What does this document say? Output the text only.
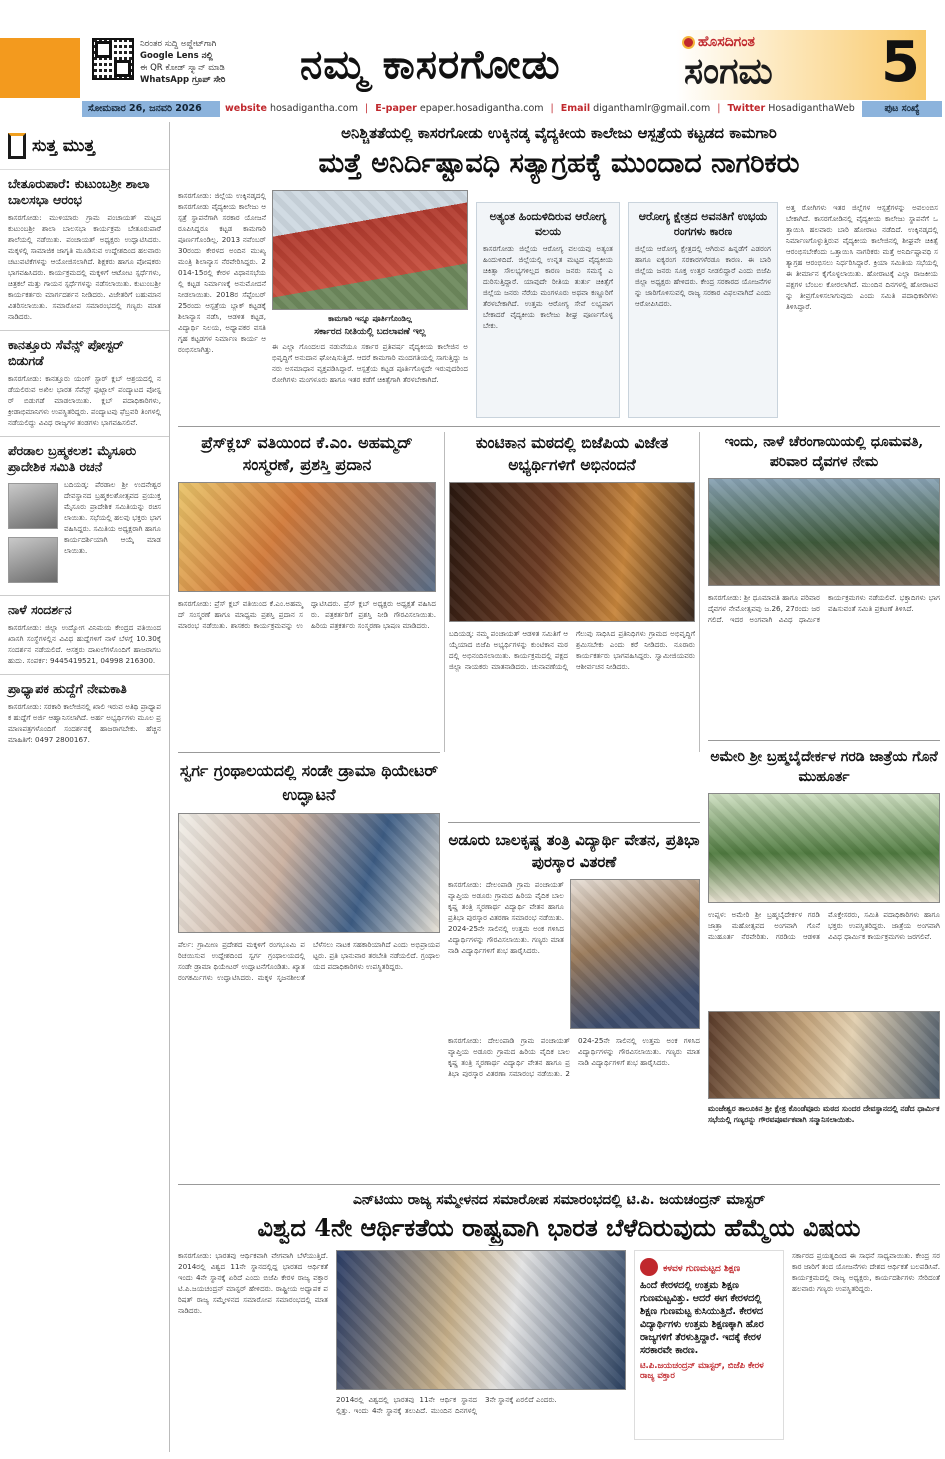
ನಿರಂತರ ಸುದ್ದಿ ಅಪ್ಡೇಟ್‌ಗಾಗಿ
Google Lens ನಲ್ಲಿ
ಈ QR ಕೋಡ್ ಸ್ಕ್ಯಾನ್ ಮಾಡಿ
WhatsApp ಗ್ರೂಪ್ ಸೇರಿ	ನಮ್ಮ ಕಾಸರಗೋಡು	ಹೊಸದಿಗಂತ
ಸಂಗಮ 5
ಸೋಮವಾರ 26, ಜನವರಿ 2026	website hosadigantha.com | E-paper epaper.hosadigantha.com | Email diganthamlr@gmail.com | Twitter HosadiganthaWeb	ಪುಟ ಸಂಖ್ಯೆ
ಸುತ್ತ ಮುತ್ತ
ಬೇತೂರುಪಾರೆ: ಕುಟುಂಬಶ್ರೀ ಶಾಲಾ ಬಾಲಸಭಾ ಆರಂಭ

ಕಾಸರಗೋಡು: ಮುಳಿಯಾರು ಗ್ರಾಮ ಪಂಚಾಯತ್ ಮಟ್ಟದ ಕುಟುಂಬಶ್ರೀ ಶಾಲಾ ಬಾಲಸಭಾ ಕಾರ್ಯಕ್ರಮ ಬೇತೂರುಪಾರೆ ಶಾಲೆಯಲ್ಲಿ ನಡೆಯಿತು. ಪಂಚಾಯತ್ ಅಧ್ಯಕ್ಷರು ಉದ್ಘಾಟಿಸಿದರು. ಮಕ್ಕಳಲ್ಲಿ ಸಾಮಾಜಿಕ ಜಾಗೃತಿ ಮೂಡಿಸುವ ಉದ್ದೇಶದಿಂದ ಹಲವಾರು ಚಟುವಟಿಕೆಗಳನ್ನು ಆಯೋಜಿಸಲಾಗಿದೆ. ಶಿಕ್ಷಕರು ಹಾಗೂ ಪೋಷಕರು ಭಾಗವಹಿಸಿದರು. ಕಾರ್ಯಕ್ರಮದಲ್ಲಿ ಮಕ್ಕಳಿಗೆ ಆಟೋಟ ಸ್ಪರ್ಧೆಗಳು, ಚಿತ್ರಕಲೆ ಮತ್ತು ಗಾಯನ ಸ್ಪರ್ಧೆಗಳನ್ನು ನಡೆಸಲಾಯಿತು. ಕುಟುಂಬಶ್ರೀ ಕಾರ್ಯಕರ್ತರು ಮಾರ್ಗದರ್ಶನ ನೀಡಿದರು. ವಿಜೇತರಿಗೆ ಬಹುಮಾನ ವಿತರಿಸಲಾಯಿತು. ಸಮಾರೋಪ ಸಮಾರಂಭದಲ್ಲಿ ಗಣ್ಯರು ಮಾತನಾಡಿದರು.

ಕಾನತ್ತೂರು ಸೆವೆನ್ಸ್ ಪೋಸ್ಟರ್ ಬಿಡುಗಡೆ

ಕಾಸರಗೋಡು: ಕಾನತ್ತೂರು ಯಂಗ್ ಸ್ಟಾರ್ ಕ್ಲಬ್ ಆಶ್ರಯದಲ್ಲಿ ನಡೆಯಲಿರುವ ಅಖಿಲ ಭಾರತ ಸೆವೆನ್ಸ್ ಫುಟ್ಬಾಲ್ ಪಂದ್ಯಾಟದ ಪೋಸ್ಟರ್ ಬಿಡುಗಡೆ ಮಾಡಲಾಯಿತು. ಕ್ಲಬ್ ಪದಾಧಿಕಾರಿಗಳು, ಕ್ರೀಡಾಭಿಮಾನಿಗಳು ಉಪಸ್ಥಿತರಿದ್ದರು. ಪಂದ್ಯಾಟವು ಫೆಬ್ರವರಿ ತಿಂಗಳಲ್ಲಿ ನಡೆಯಲಿದ್ದು ವಿವಿಧ ರಾಜ್ಯಗಳ ತಂಡಗಳು ಭಾಗವಹಿಸಲಿವೆ.

ಪೆರಡಾಲ ಬ್ರಹ್ಮಕಲಶ: ಮೈಸೂರು ಪ್ರಾದೇಶಿಕ ಸಮಿತಿ ರಚನೆ

ಬದಿಯಡ್ಕ: ಪೆರಡಾಲ ಶ್ರೀ ಉದನೇಶ್ವರ ದೇವಸ್ಥಾನದ ಬ್ರಹ್ಮಕಲಶೋತ್ಸವದ ಪ್ರಯುಕ್ತ ಮೈಸೂರು ಪ್ರಾದೇಶಿಕ ಸಮಿತಿಯನ್ನು ರಚಿಸಲಾಯಿತು. ಸಭೆಯಲ್ಲಿ ಹಲವು ಭಕ್ತರು ಭಾಗವಹಿಸಿದ್ದರು. ಸಮಿತಿಯ ಅಧ್ಯಕ್ಷರಾಗಿ ಹಾಗೂ ಕಾರ್ಯದರ್ಶಿಯಾಗಿ ಆಯ್ಕೆ ಮಾಡಲಾಯಿತು.

ನಾಳೆ ಸಂದರ್ಶನ

ಕಾಸರಗೋಡು: ಜಿಲ್ಲಾ ಉದ್ಯೋಗ ವಿನಿಮಯ ಕೇಂದ್ರದ ವತಿಯಿಂದ ಖಾಸಗಿ ಸಂಸ್ಥೆಗಳಲ್ಲಿನ ವಿವಿಧ ಹುದ್ದೆಗಳಿಗೆ ನಾಳೆ ಬೆಳಗ್ಗೆ 10.30ಕ್ಕೆ ಸಂದರ್ಶನ ನಡೆಯಲಿದೆ. ಆಸಕ್ತರು ದಾಖಲೆಗಳೊಂದಿಗೆ ಹಾಜರಾಗಬಹುದು. ಸಂಪರ್ಕ: 9445419521, 04998 216300.

ಪ್ರಾಧ್ಯಾಪಕ ಹುದ್ದೆಗೆ ನೇಮಕಾತಿ

ಕಾಸರಗೋಡು: ಸರಕಾರಿ ಕಾಲೇಜಿನಲ್ಲಿ ಖಾಲಿ ಇರುವ ಅತಿಥಿ ಪ್ರಾಧ್ಯಾಪಕ ಹುದ್ದೆಗೆ ಅರ್ಜಿ ಆಹ್ವಾನಿಸಲಾಗಿದೆ. ಅರ್ಹ ಅಭ್ಯರ್ಥಿಗಳು ಮೂಲ ಪ್ರಮಾಣಪತ್ರಗಳೊಂದಿಗೆ ಸಂದರ್ಶನಕ್ಕೆ ಹಾಜರಾಗಬೇಕು. ಹೆಚ್ಚಿನ ಮಾಹಿತಿಗೆ: 0497 2800167.

ಅನಿಶ್ಚಿತತೆಯಲ್ಲಿ ಕಾಸರಗೋಡು ಉಕ್ಕಿನಡ್ಕ ವೈದ್ಯಕೀಯ ಕಾಲೇಜು ಆಸ್ಪತ್ರೆಯ ಕಟ್ಟಡದ ಕಾಮಗಾರಿ
ಮತ್ತೆ ಅನಿರ್ದಿಷ್ಟಾವಧಿ ಸತ್ಯಾಗ್ರಹಕ್ಕೆ ಮುಂದಾದ ನಾಗರಿಕರು

ಕಾಸರಗೋಡು: ಜಿಲ್ಲೆಯ ಉಕ್ಕಿನಡ್ಕದಲ್ಲಿ ಕಾಸರಗೋಡು ವೈದ್ಯಕೀಯ ಕಾಲೇಜು ಆಸ್ಪತ್ರೆ ಸ್ಥಾಪನೆಗಾಗಿ ಸರಕಾರ ಯೋಜನೆ ರೂಪಿಸಿದ್ದರೂ ಕಟ್ಟಡ ಕಾಮಗಾರಿ ಪೂರ್ಣಗೊಂಡಿಲ್ಲ. 2013 ನವೆಂಬರ್ 30ರಂದು ಕೇರಳದ ಅಂದಿನ ಮುಖ್ಯಮಂತ್ರಿ ಶಿಲಾನ್ಯಾಸ ನೆರವೇರಿಸಿದ್ದರು. 2014-15ರಲ್ಲಿ ಕೇರಳ ವಿಧಾನಸಭೆಯಲ್ಲಿ ಕಟ್ಟಡ ನಿರ್ಮಾಣಕ್ಕೆ ಅನುಮೋದನೆ ನೀಡಲಾಯಿತು. 2018ರ ಸೆಪ್ಟೆಂಬರ್ 25ರಂದು ಆಸ್ಪತ್ರೆಯ ಬ್ಲಾಕ್ ಕಟ್ಟಡಕ್ಕೆ ಶಿಲಾನ್ಯಾಸ ನಡೆಸಿ, ಆಡಳಿತ ಕಟ್ಟಡ, ವಿದ್ಯಾರ್ಥಿ ನಿಲಯ, ಅಧ್ಯಾಪಕರ ವಸತಿ ಗೃಹ ಕಟ್ಟಡಗಳ ನಿರ್ಮಾಣ ಕಾರ್ಯ ಆರಂಭಿಸಲಾಗಿತ್ತು.

ಕಾಮಗಾರಿ ಇನ್ನೂ ಪೂರ್ತಿಗೊಂಡಿಲ್ಲ
ಸರ್ಕಾರದ ನೀತಿಯಲ್ಲಿ ಬದಲಾವಣೆ ಇಲ್ಲ

ಈ ಎಲ್ಲಾ ಗೊಂದಲದ ನಡುವೆಯೂ ಸರ್ಕಾರ ಪ್ರತಿವರ್ಷ ವೈದ್ಯಕೀಯ ಕಾಲೇಜಿನ ಅಭಿವೃದ್ಧಿಗೆ ಅನುದಾನ ಘೋಷಿಸುತ್ತಿದೆ. ಆದರೆ ಕಾಮಗಾರಿ ಮಂದಗತಿಯಲ್ಲಿ ಸಾಗುತ್ತಿದ್ದು ಜನರು ಅಸಮಾಧಾನ ವ್ಯಕ್ತಪಡಿಸಿದ್ದಾರೆ. ಆಸ್ಪತ್ರೆಯ ಕಟ್ಟಡ ಪೂರ್ತಿಗೊಳ್ಳದೇ ಇರುವುದರಿಂದ ರೋಗಿಗಳು ಮಂಗಳೂರು ಹಾಗೂ ಇತರ ಕಡೆಗೆ ಚಿಕಿತ್ಸೆಗಾಗಿ ತೆರಳಬೇಕಾಗಿದೆ.

ಅತ್ಯಂತ ಹಿಂದುಳಿದಿರುವ ಆರೋಗ್ಯ ವಲಯ

ಕಾಸರಗೋಡು ಜಿಲ್ಲೆಯ ಆರೋಗ್ಯ ವಲಯವು ಅತ್ಯಂತ ಹಿಂದುಳಿದಿದೆ. ಜಿಲ್ಲೆಯಲ್ಲಿ ಉನ್ನತ ಮಟ್ಟದ ವೈದ್ಯಕೀಯ ಚಿಕಿತ್ಸಾ ಸೌಲಭ್ಯಗಳಿಲ್ಲದ ಕಾರಣ ಜನರು ಸಮಸ್ಯೆ ಎದುರಿಸುತ್ತಿದ್ದಾರೆ. ಯಾವುದೇ ರೀತಿಯ ತುರ್ತು ಚಿಕಿತ್ಸೆಗೆ ಜಿಲ್ಲೆಯ ಜನರು ನೆರೆಯ ಮಂಗಳೂರು ಅಥವಾ ಕಣ್ಣೂರಿಗೆ ತೆರಳಬೇಕಾಗಿದೆ. ಉತ್ತಮ ಆರೋಗ್ಯ ಸೇವೆ ಲಭ್ಯವಾಗಬೇಕಾದರೆ ವೈದ್ಯಕೀಯ ಕಾಲೇಜು ಶೀಘ್ರ ಪೂರ್ಣಗೊಳ್ಳಬೇಕು.

ಆರೋಗ್ಯ ಕ್ಷೇತ್ರದ ಅವನತಿಗೆ ಉಭಯ ರಂಗಗಳು ಕಾರಣ

ಜಿಲ್ಲೆಯ ಆರೋಗ್ಯ ಕ್ಷೇತ್ರದಲ್ಲಿ ಆಗಿರುವ ಹಿನ್ನಡೆಗೆ ಎಡರಂಗ ಹಾಗೂ ಐಕ್ಯರಂಗ ಸರಕಾರಗಳೆರಡೂ ಕಾರಣ. ಈ ಬಾರಿ ಜಿಲ್ಲೆಯ ಜನರು ಸೂಕ್ತ ಉತ್ತರ ನೀಡಲಿದ್ದಾರೆ ಎಂದು ಬಿಜೆಪಿ ಜಿಲ್ಲಾ ಅಧ್ಯಕ್ಷರು ಹೇಳಿದರು. ಕೇಂದ್ರ ಸರಕಾರದ ಯೋಜನೆಗಳನ್ನು ಜಾರಿಗೊಳಿಸುವಲ್ಲಿ ರಾಜ್ಯ ಸರಕಾರ ವಿಫಲವಾಗಿದೆ ಎಂದು ಆರೋಪಿಸಿದರು.

ಅತ್ತ ರೋಗಿಗಳು ಇತರ ಜಿಲ್ಲೆಗಳ ಆಸ್ಪತ್ರೆಗಳನ್ನು ಅವಲಂಬಿಸಬೇಕಾಗಿದೆ. ಕಾಸರಗೋಡಿನಲ್ಲಿ ವೈದ್ಯಕೀಯ ಕಾಲೇಜು ಸ್ಥಾಪನೆಗೆ ಒತ್ತಾಯಿಸಿ ಹಲವಾರು ಬಾರಿ ಹೋರಾಟ ನಡೆದಿದೆ. ಉಕ್ಕಿನಡ್ಕದಲ್ಲಿ ನಿರ್ಮಾಣಗೊಳ್ಳುತ್ತಿರುವ ವೈದ್ಯಕೀಯ ಕಾಲೇಜಿನಲ್ಲಿ ಶೀಘ್ರವೇ ಚಿಕಿತ್ಸೆ ಆರಂಭಿಸಬೇಕೆಂದು ಒತ್ತಾಯಿಸಿ ನಾಗರಿಕರು ಮತ್ತೆ ಅನಿರ್ದಿಷ್ಟಾವಧಿ ಸತ್ಯಾಗ್ರಹ ಆರಂಭಿಸಲು ನಿರ್ಧರಿಸಿದ್ದಾರೆ. ಕ್ರಿಯಾ ಸಮಿತಿಯ ಸಭೆಯಲ್ಲಿ ಈ ತೀರ್ಮಾನ ಕೈಗೊಳ್ಳಲಾಯಿತು. ಹೋರಾಟಕ್ಕೆ ಎಲ್ಲಾ ರಾಜಕೀಯ ಪಕ್ಷಗಳ ಬೆಂಬಲ ಕೋರಲಾಗಿದೆ. ಮುಂದಿನ ದಿನಗಳಲ್ಲಿ ಹೋರಾಟವನ್ನು ತೀವ್ರಗೊಳಿಸಲಾಗುವುದು ಎಂದು ಸಮಿತಿ ಪದಾಧಿಕಾರಿಗಳು ತಿಳಿಸಿದ್ದಾರೆ.

ಪ್ರೆಸ್‌ಕ್ಲಬ್ ವತಿಯಿಂದ ಕೆ.ಎಂ. ಅಹಮ್ಮದ್ ಸಂಸ್ಮರಣೆ, ಪ್ರಶಸ್ತಿ ಪ್ರದಾನ

ಕಾಸರಗೋಡು: ಪ್ರೆಸ್ ಕ್ಲಬ್ ವತಿಯಿಂದ ಕೆ.ಎಂ.ಅಹಮ್ಮದ್ ಸಂಸ್ಮರಣೆ ಹಾಗೂ ಮಾಧ್ಯಮ ಪ್ರಶಸ್ತಿ ಪ್ರದಾನ ಸಮಾರಂಭ ನಡೆಯಿತು. ಶಾಸಕರು ಕಾರ್ಯಕ್ರಮವನ್ನು ಉದ್ಘಾಟಿಸಿದರು. ಪ್ರೆಸ್ ಕ್ಲಬ್ ಅಧ್ಯಕ್ಷರು ಅಧ್ಯಕ್ಷತೆ ವಹಿಸಿದರು. ಪತ್ರಕರ್ತರಿಗೆ ಪ್ರಶಸ್ತಿ ನೀಡಿ ಗೌರವಿಸಲಾಯಿತು. ಹಿರಿಯ ಪತ್ರಕರ್ತರು ಸಂಸ್ಮರಣಾ ಭಾಷಣ ಮಾಡಿದರು.

ಕುಂಟಿಕಾನ ಮಠದಲ್ಲಿ ಬಿಜೆಪಿಯ ವಿಜೇತ ಅಭ್ಯರ್ಥಿಗಳಿಗೆ ಅಭಿನಂದನೆ

ಬದಿಯಡ್ಕ: ನಮ್ಮ ಪಂಚಾಯತ್ ಆಡಳಿತ ಸಮಿತಿಗೆ ಆಯ್ಕೆಯಾದ ಬಿಜೆಪಿ ಅಭ್ಯರ್ಥಿಗಳನ್ನು ಕುಂಟಿಕಾನ ಮಠದಲ್ಲಿ ಅಭಿನಂದಿಸಲಾಯಿತು. ಕಾರ್ಯಕ್ರಮದಲ್ಲಿ ಪಕ್ಷದ ಜಿಲ್ಲಾ ನಾಯಕರು ಮಾತನಾಡಿದರು. ಚುನಾವಣೆಯಲ್ಲಿ ಗೆಲುವು ಸಾಧಿಸಿದ ಪ್ರತಿನಿಧಿಗಳು ಗ್ರಾಮದ ಅಭಿವೃದ್ಧಿಗೆ ಶ್ರಮಿಸಬೇಕು ಎಂದು ಕರೆ ನೀಡಿದರು. ನೂರಾರು ಕಾರ್ಯಕರ್ತರು ಭಾಗವಹಿಸಿದ್ದರು. ಸ್ವಾಮೀಜಿಯವರು ಆಶೀರ್ವಚನ ನೀಡಿದರು.

ಇಂದು, ನಾಳೆ ಚೆರಂಗಾಯಿಯಲ್ಲಿ ಧೂಮವತಿ, ಪರಿವಾರ ದೈವಗಳ ನೇಮ

ಕಾಸರಗೋಡು: ಶ್ರೀ ಧೂಮಾವತಿ ಹಾಗೂ ಪರಿವಾರ ದೈವಗಳ ನೇಮೋತ್ಸವವು ಜ.26, 27ರಂದು ಜರಗಲಿದೆ. ಇದರ ಅಂಗವಾಗಿ ವಿವಿಧ ಧಾರ್ಮಿಕ ಕಾರ್ಯಕ್ರಮಗಳು ನಡೆಯಲಿವೆ. ಭಕ್ತಾದಿಗಳು ಭಾಗವಹಿಸುವಂತೆ ಸಮಿತಿ ಪ್ರಕಟಣೆ ತಿಳಿಸಿದೆ.

ಸ್ವರ್ಗ ಗ್ರಂಥಾಲಯದಲ್ಲಿ ಸಂಡೇ ಡ್ರಾಮಾ ಥಿಯೇಟರ್ ಉದ್ಘಾಟನೆ

ಪೆರ್ಲ: ಗ್ರಾಮೀಣ ಪ್ರದೇಶದ ಮಕ್ಕಳಿಗೆ ರಂಗಭೂಮಿ ಪರಿಚಯಿಸುವ ಉದ್ದೇಶದಿಂದ ಸ್ವರ್ಗ ಗ್ರಂಥಾಲಯದಲ್ಲಿ ಸಂಡೇ ಡ್ರಾಮಾ ಥಿಯೇಟರ್ ಉದ್ಘಾಟನೆಗೊಂಡಿತು. ಖ್ಯಾತ ರಂಗಕರ್ಮಿಗಳು ಉದ್ಘಾಟಿಸಿದರು. ಮಕ್ಕಳ ಸೃಜನಶೀಲತೆ ಬೆಳೆಸಲು ನಾಟಕ ಸಹಕಾರಿಯಾಗಿದೆ ಎಂದು ಅಭಿಪ್ರಾಯಪಟ್ಟರು. ಪ್ರತಿ ಭಾನುವಾರ ತರಬೇತಿ ನಡೆಯಲಿದೆ. ಗ್ರಂಥಾಲಯದ ಪದಾಧಿಕಾರಿಗಳು ಉಪಸ್ಥಿತರಿದ್ದರು.

ಅಮೇರಿ ಶ್ರೀ ಬ್ರಹ್ಮಬೈದೇರ್ಕಳ ಗರಡಿ ಜಾತ್ರೆಯ ಗೊನೆ ಮುಹೂರ್ತ

ಉಪ್ಪಳ: ಅಮೇರಿ ಶ್ರೀ ಬ್ರಹ್ಮಬೈದೇರ್ಕಳ ಗರಡಿ ಜಾತ್ರಾ ಮಹೋತ್ಸವದ ಅಂಗವಾಗಿ ಗೊನೆ ಮುಹೂರ್ತ ನೆರವೇರಿತು. ಗರಡಿಯ ಆಡಳಿತ ಮೊಕ್ತೇಸರರು, ಸಮಿತಿ ಪದಾಧಿಕಾರಿಗಳು ಹಾಗೂ ಭಕ್ತರು ಉಪಸ್ಥಿತರಿದ್ದರು. ಜಾತ್ರೆಯ ಅಂಗವಾಗಿ ವಿವಿಧ ಧಾರ್ಮಿಕ ಕಾರ್ಯಕ್ರಮಗಳು ಜರಗಲಿವೆ.

ಮಂಜೇಶ್ವರ ತಾಲೂಕಿನ ಶ್ರೀ ಕ್ಷೇತ್ರ ಕೊಂಡೆವೂರು ಮಠದ ಸುಂದರ ದೇವಸ್ಥಾನದಲ್ಲಿ ನಡೆದ ಧಾರ್ಮಿಕ ಸಭೆಯಲ್ಲಿ ಗಣ್ಯರನ್ನು ಗೌರವಪೂರ್ವಕವಾಗಿ ಸನ್ಮಾನಿಸಲಾಯಿತು.

ಅಡೂರು ಬಾಲಕೃಷ್ಣ ತಂತ್ರಿ ವಿದ್ಯಾರ್ಥಿ ವೇತನ, ಪ್ರತಿಭಾ ಪುರಸ್ಕಾರ ವಿತರಣೆ

ಕಾಸರಗೋಡು: ದೇಲಂಪಾಡಿ ಗ್ರಾಮ ಪಂಚಾಯತ್ ವ್ಯಾಪ್ತಿಯ ಅಡೂರು ಗ್ರಾಮದ ಹಿರಿಯ ವೈದಿಕ ಬಾಲಕೃಷ್ಣ ತಂತ್ರಿ ಸ್ಮರಣಾರ್ಥ ವಿದ್ಯಾರ್ಥಿ ವೇತನ ಹಾಗೂ ಪ್ರತಿಭಾ ಪುರಸ್ಕಾರ ವಿತರಣಾ ಸಮಾರಂಭ ನಡೆಯಿತು. 2024-25ನೇ ಸಾಲಿನಲ್ಲಿ ಉತ್ತಮ ಅಂಕ ಗಳಿಸಿದ ವಿದ್ಯಾರ್ಥಿಗಳನ್ನು ಗೌರವಿಸಲಾಯಿತು. ಗಣ್ಯರು ಮಾತನಾಡಿ ವಿದ್ಯಾರ್ಥಿಗಳಿಗೆ ಶುಭ ಹಾರೈಸಿದರು.

ಕಾಸರಗೋಡು: ದೇಲಂಪಾಡಿ ಗ್ರಾಮ ಪಂಚಾಯತ್ ವ್ಯಾಪ್ತಿಯ ಅಡೂರು ಗ್ರಾಮದ ಹಿರಿಯ ವೈದಿಕ ಬಾಲಕೃಷ್ಣ ತಂತ್ರಿ ಸ್ಮರಣಾರ್ಥ ವಿದ್ಯಾರ್ಥಿ ವೇತನ ಹಾಗೂ ಪ್ರತಿಭಾ ಪುರಸ್ಕಾರ ವಿತರಣಾ ಸಮಾರಂಭ ನಡೆಯಿತು. 2024-25ನೇ ಸಾಲಿನಲ್ಲಿ ಉತ್ತಮ ಅಂಕ ಗಳಿಸಿದ ವಿದ್ಯಾರ್ಥಿಗಳನ್ನು ಗೌರವಿಸಲಾಯಿತು. ಗಣ್ಯರು ಮಾತನಾಡಿ ವಿದ್ಯಾರ್ಥಿಗಳಿಗೆ ಶುಭ ಹಾರೈಸಿದರು.

ಎನ್‌ಟಿಯು ರಾಜ್ಯ ಸಮ್ಮೇಳನದ ಸಮಾರೋಪ ಸಮಾರಂಭದಲ್ಲಿ ಟಿ.ಪಿ. ಜಯಚಂದ್ರನ್ ಮಾಸ್ಟರ್
ವಿಶ್ವದ 4ನೇ ಆರ್ಥಿಕತೆಯ ರಾಷ್ಟ್ರವಾಗಿ ಭಾರತ ಬೆಳೆದಿರುವುದು ಹೆಮ್ಮೆಯ ವಿಷಯ

ಕಾಸರಗೋಡು: ಭಾರತವು ಆರ್ಥಿಕವಾಗಿ ವೇಗವಾಗಿ ಬೆಳೆಯುತ್ತಿದೆ. 2014ರಲ್ಲಿ ವಿಶ್ವದ 11ನೇ ಸ್ಥಾನದಲ್ಲಿದ್ದ ಭಾರತದ ಆರ್ಥಿಕತೆ ಇಂದು 4ನೇ ಸ್ಥಾನಕ್ಕೆ ಏರಿದೆ ಎಂದು ಬಿಜೆಪಿ ಕೇರಳ ರಾಜ್ಯ ವಕ್ತಾರ ಟಿ.ಪಿ.ಜಯಚಂದ್ರನ್ ಮಾಸ್ಟರ್ ಹೇಳಿದರು. ರಾಷ್ಟ್ರೀಯ ಅಧ್ಯಾಪಕ ಪರಿಷತ್ ರಾಜ್ಯ ಸಮ್ಮೇಳನದ ಸಮಾರೋಪ ಸಮಾರಂಭದಲ್ಲಿ ಮಾತನಾಡಿದರು.

2014ರಲ್ಲಿ ವಿಶ್ವದಲ್ಲಿ ಭಾರತವು 11ನೇ ಆರ್ಥಿಕ ಸ್ಥಾನದಲ್ಲಿತ್ತು. ಇಂದು 4ನೇ ಸ್ಥಾನಕ್ಕೆ ತಲುಪಿದೆ. ಮುಂದಿನ ದಿನಗಳಲ್ಲಿ 3ನೇ ಸ್ಥಾನಕ್ಕೆ ಏರಲಿದೆ ಎಂದರು.

ಕಳವಳ ಗುಣಮಟ್ಟದ ಶಿಕ್ಷಣ

ಹಿಂದೆ ಕೇರಳದಲ್ಲಿ ಉತ್ತಮ ಶಿಕ್ಷಣ ಗುಣಮಟ್ಟವಿತ್ತು. ಆದರೆ ಈಗ ಕೇರಳದಲ್ಲಿ ಶಿಕ್ಷಣ ಗುಣಮಟ್ಟ ಕುಸಿಯುತ್ತಿದೆ. ಕೇರಳದ ವಿದ್ಯಾರ್ಥಿಗಳು ಉತ್ತಮ ಶಿಕ್ಷಣಕ್ಕಾಗಿ ಹೊರ ರಾಜ್ಯಗಳಿಗೆ ತೆರಳುತ್ತಿದ್ದಾರೆ. ಇದಕ್ಕೆ ಕೇರಳ ಸರಕಾರವೇ ಕಾರಣ.

ಟಿ.ಪಿ.ಜಯಚಂದ್ರನ್ ಮಾಸ್ಟರ್, ಬಿಜೆಪಿ ಕೇರಳ ರಾಜ್ಯ ವಕ್ತಾರ

ಸರ್ಕಾರದ ಪ್ರಯತ್ನದಿಂದ ಈ ಸಾಧನೆ ಸಾಧ್ಯವಾಯಿತು. ಕೇಂದ್ರ ಸರಕಾರ ಜಾರಿಗೆ ತಂದ ಯೋಜನೆಗಳು ದೇಶದ ಆರ್ಥಿಕತೆ ಬಲಪಡಿಸಿವೆ. ಕಾರ್ಯಕ್ರಮದಲ್ಲಿ ರಾಜ್ಯ ಅಧ್ಯಕ್ಷರು, ಕಾರ್ಯದರ್ಶಿಗಳು ಸೇರಿದಂತೆ ಹಲವಾರು ಗಣ್ಯರು ಉಪಸ್ಥಿತರಿದ್ದರು.
